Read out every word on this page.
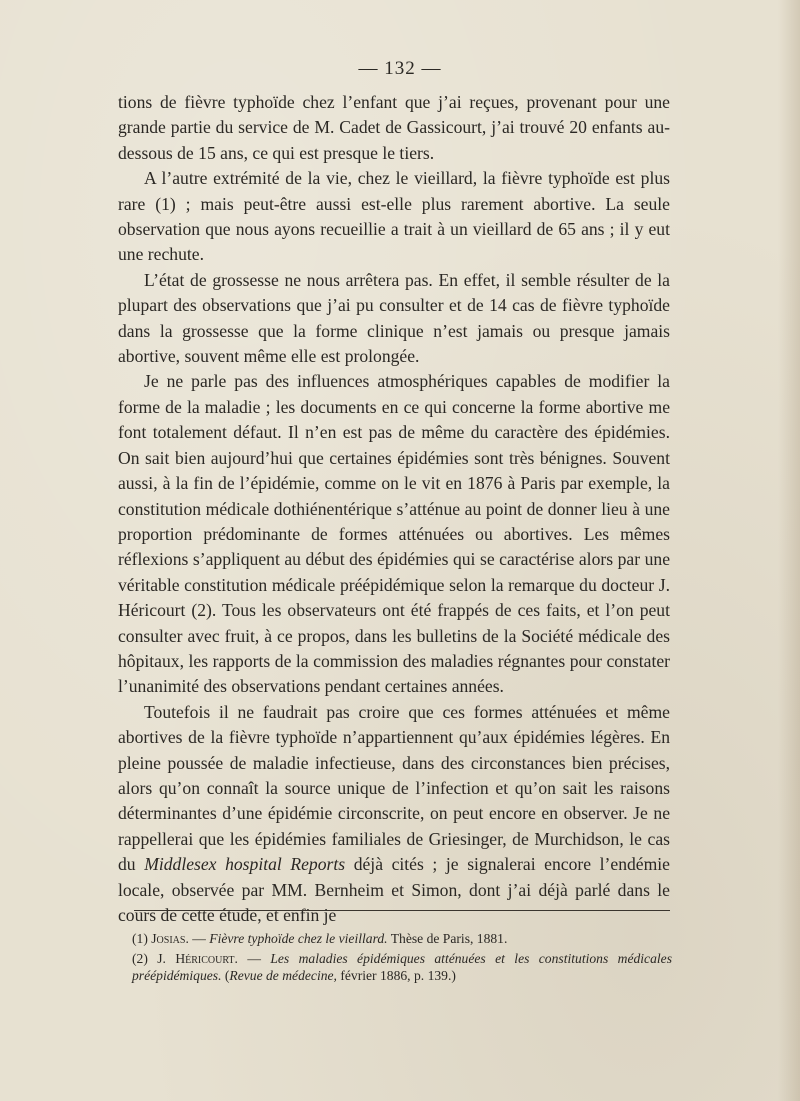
— 132 —

tions de fièvre typhoïde chez l’enfant que j’ai reçues, provenant pour une grande partie du service de M. Cadet de Gassicourt, j’ai trouvé 20 enfants au-dessous de 15 ans, ce qui est presque le tiers.

A l’autre extrémité de la vie, chez le vieillard, la fièvre typhoïde est plus rare (1) ; mais peut-être aussi est-elle plus rarement abortive. La seule observation que nous ayons recueillie a trait à un vieillard de 65 ans ; il y eut une rechute.

L’état de grossesse ne nous arrêtera pas. En effet, il semble résulter de la plupart des observations que j’ai pu consulter et de 14 cas de fièvre typhoïde dans la grossesse que la forme clinique n’est jamais ou presque jamais abortive, souvent même elle est prolongée.

Je ne parle pas des influences atmosphériques capables de modifier la forme de la maladie ; les documents en ce qui concerne la forme abortive me font totalement défaut. Il n’en est pas de même du caractère des épidémies. On sait bien aujourd’hui que certaines épidémies sont très bénignes. Souvent aussi, à la fin de l’épidémie, comme on le vit en 1876 à Paris par exemple, la constitution médicale dothiénentérique s’atténue au point de donner lieu à une proportion prédominante de formes atténuées ou abortives. Les mêmes réflexions s’appliquent au début des épidémies qui se caractérise alors par une véritable constitution médicale préépidémique selon la remarque du docteur J. Héricourt (2). Tous les observateurs ont été frappés de ces faits, et l’on peut consulter avec fruit, à ce propos, dans les bulletins de la Société médicale des hôpitaux, les rapports de la commission des maladies régnantes pour constater l’unanimité des observations pendant certaines années.

Toutefois il ne faudrait pas croire que ces formes atténuées et même abortives de la fièvre typhoïde n’appartiennent qu’aux épidémies légères. En pleine poussée de maladie infectieuse, dans des circonstances bien précises, alors qu’on connaît la source unique de l’infection et qu’on sait les raisons déterminantes d’une épidémie circonscrite, on peut encore en observer. Je ne rappellerai que les épidémies familiales de Griesinger, de Murchidson, le cas du Middlesex hospital Reports déjà cités ; je signalerai encore l’endémie locale, observée par MM. Bernheim et Simon, dont j’ai déjà parlé dans le cours de cette étude, et enfin je

(1) Josias. — Fièvre typhoïde chez le vieillard. Thèse de Paris, 1881.

(2) J. Héricourt. — Les maladies épidémiques atténuées et les constitutions médicales préépidémiques. (Revue de médecine, février 1886, p. 139.)
